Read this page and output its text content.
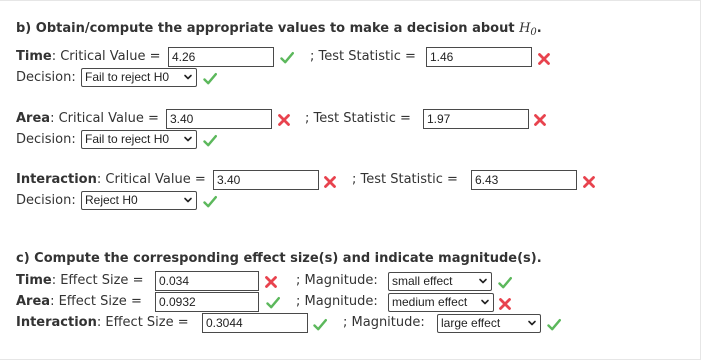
b) Obtain/compute the appropriate values to make a decision about $H_0$.
Time: Critical Value = 4.26	; Test Statistic =	1.46
Decision: Fail to reject H0
Area: Critical Value = 3.40	; Test Statistic =	1.97
Decision: Fail to reject H0
Interaction: Critical Value = 3.40	; Test Statistic =	6.43
Decision: Reject H0
c) Compute the corresponding effect size(s) and indicate magnitude(s).
Time: Effect Size =	0.034	; Magnitude:	small effect
Area: Effect Size =	0.0932	; Magnitude:	medium effect
Interaction: Effect Size =	0.3044	; Magnitude:	large effect
